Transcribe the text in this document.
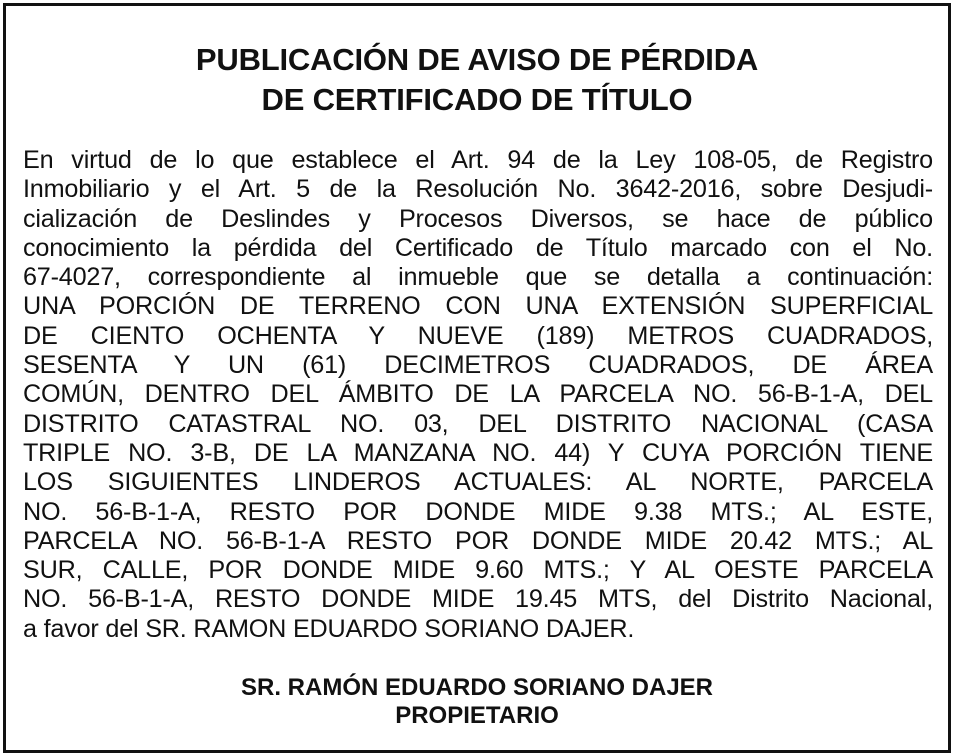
PUBLICACIÓN DE AVISO DE PÉRDIDA
DE CERTIFICADO DE TÍTULO
En virtud de lo que establece el Art. 94 de la Ley 108-05, de Registro
Inmobiliario y el Art. 5 de la Resolución No. 3642-2016, sobre Desjudi-
cialización de Deslindes y Procesos Diversos, se hace de público
conocimiento la pérdida del Certificado de Título marcado con el No.
67-4027, correspondiente al inmueble que se detalla a continuación:
UNA PORCIÓN DE TERRENO CON UNA EXTENSIÓN SUPERFICIAL
DE CIENTO OCHENTA Y NUEVE (189) METROS CUADRADOS,
SESENTA Y UN (61) DECIMETROS CUADRADOS, DE ÁREA
COMÚN, DENTRO DEL ÁMBITO DE LA PARCELA NO. 56-B-1-A, DEL
DISTRITO CATASTRAL NO. 03, DEL DISTRITO NACIONAL (CASA
TRIPLE NO. 3-B, DE LA MANZANA NO. 44) Y CUYA PORCIÓN TIENE
LOS SIGUIENTES LINDEROS ACTUALES: AL NORTE, PARCELA
NO. 56-B-1-A, RESTO POR DONDE MIDE 9.38 MTS.; AL ESTE,
PARCELA NO. 56-B-1-A RESTO POR DONDE MIDE 20.42 MTS.; AL
SUR, CALLE, POR DONDE MIDE 9.60 MTS.; Y AL OESTE PARCELA
NO. 56-B-1-A, RESTO DONDE MIDE 19.45 MTS, del Distrito Nacional,
a favor del SR. RAMON EDUARDO SORIANO DAJER.
SR. RAMÓN EDUARDO SORIANO DAJER
PROPIETARIO
